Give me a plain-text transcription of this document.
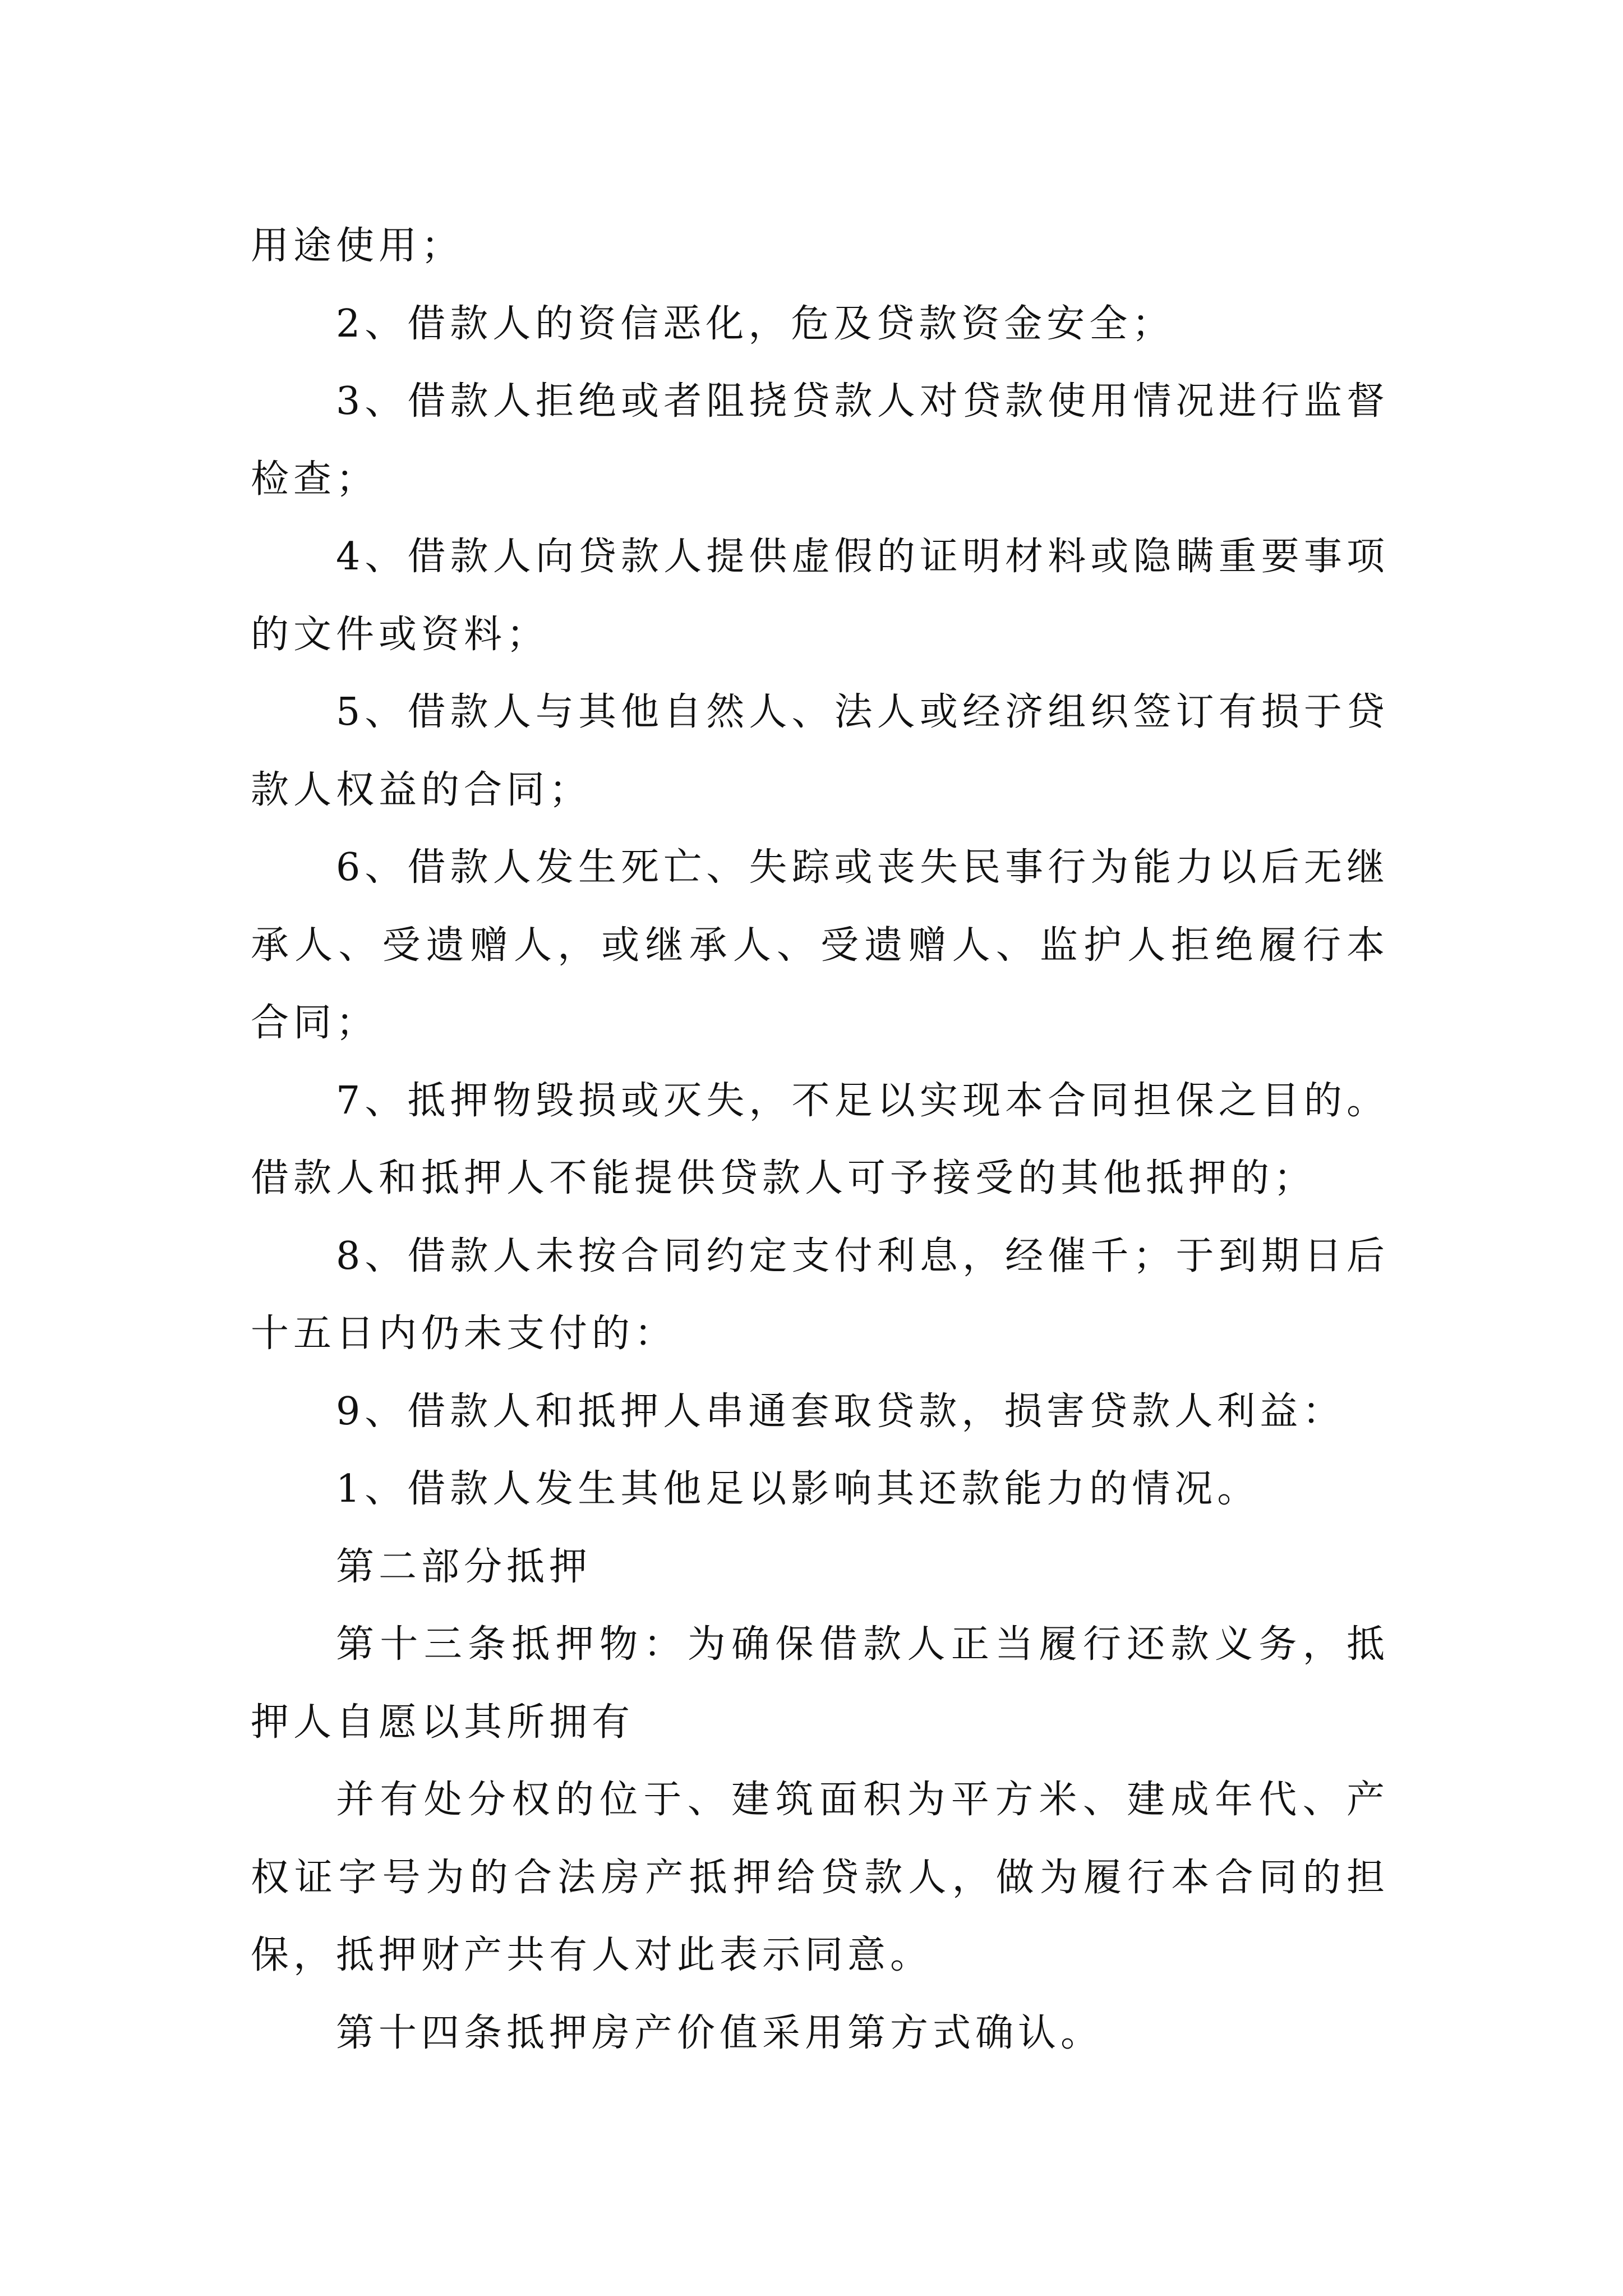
用途使用；

2、借款人的资信恶化，危及贷款资金安全；

3、借款人拒绝或者阻挠贷款人对贷款使用情况进行监督检查；

4、借款人向贷款人提供虚假的证明材料或隐瞒重要事项的文件或资料；

5、借款人与其他自然人、法人或经济组织签订有损于贷款人权益的合同；

6、借款人发生死亡、失踪或丧失民事行为能力以后无继承人、受遗赠人，或继承人、受遗赠人、监护人拒绝履行本合同；

7、抵押物毁损或灭失，不足以实现本合同担保之目的。借款人和抵押人不能提供贷款人可予接受的其他抵押的；

8、借款人未按合同约定支付利息，经催千；于到期日后十五日内仍未支付的：

9、借款人和抵押人串通套取贷款，损害贷款人利益：

1、借款人发生其他足以影响其还款能力的情况。

第二部分抵押

第十三条抵押物：为确保借款人正当履行还款义务，抵押人自愿以其所拥有

并有处分权的位于、建筑面积为平方米、建成年代、产权证字号为的合法房产抵押给贷款人，做为履行本合同的担保，抵押财产共有人对此表示同意。

第十四条抵押房产价值采用第方式确认。
